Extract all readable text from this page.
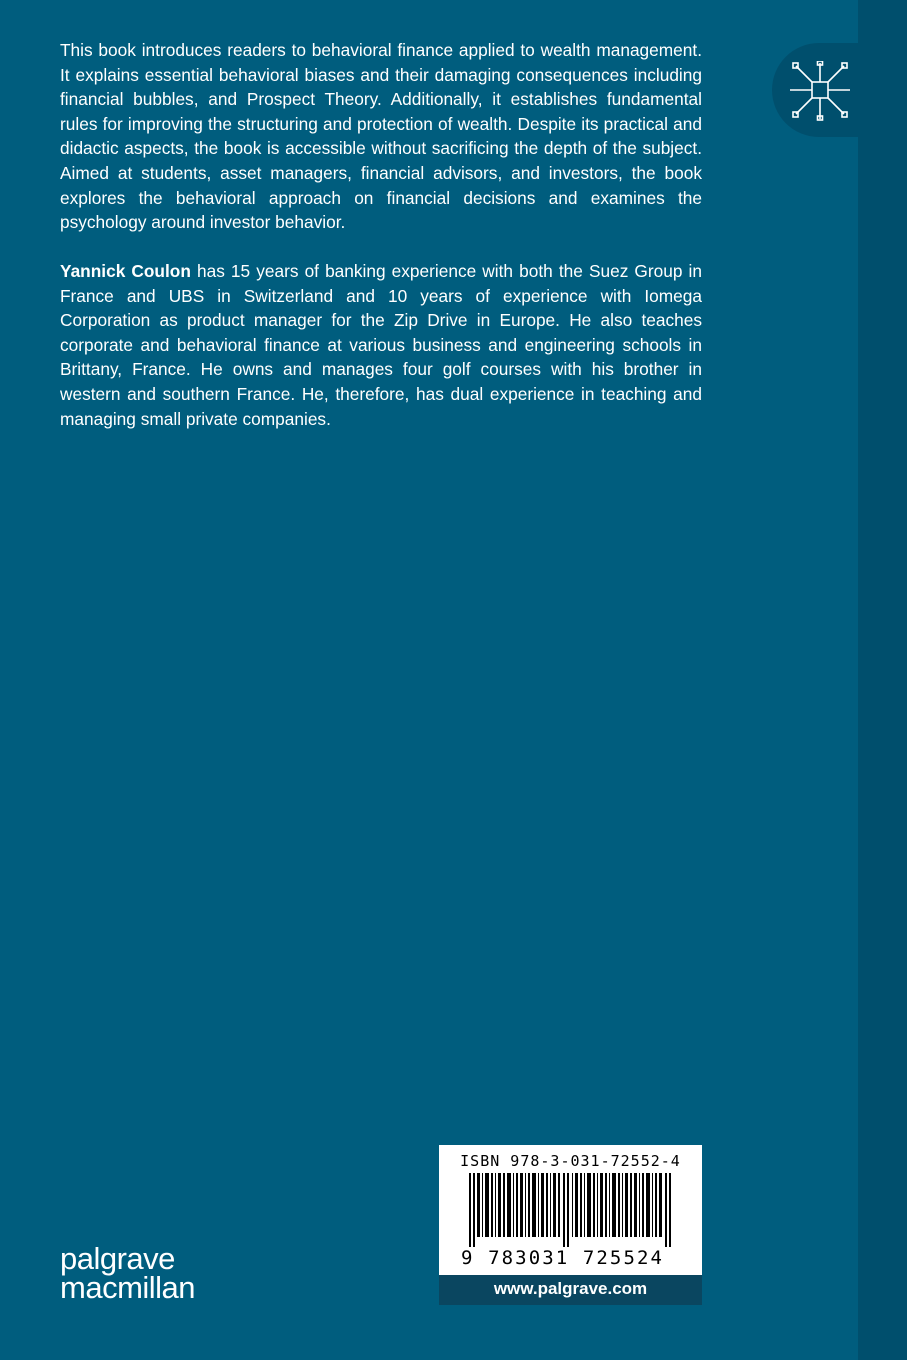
This book introduces readers to behavioral finance applied to wealth management. It explains essential behavioral biases and their damaging consequences including financial bubbles, and Prospect Theory. Additionally, it establishes fundamental rules for improving the structuring and protection of wealth. Despite its practical and didactic aspects, the book is accessible without sacrificing the depth of the subject. Aimed at students, asset managers, financial advisors, and investors, the book explores the behavioral approach on financial decisions and examines the psychology around investor behavior.

Yannick Coulon has 15 years of banking experience with both the Suez Group in France and UBS in Switzerland and 10 years of experience with Iomega Corporation as product manager for the Zip Drive in Europe. He also teaches corporate and behavioral finance at various business and engineering schools in Brittany, France. He owns and manages four golf courses with his brother in western and southern France. He, therefore, has dual experience in teaching and managing small private companies.

palgrave
macmillan
ISBN 978-3-031-72552-4
9 783031 725524
www.palgrave.com
